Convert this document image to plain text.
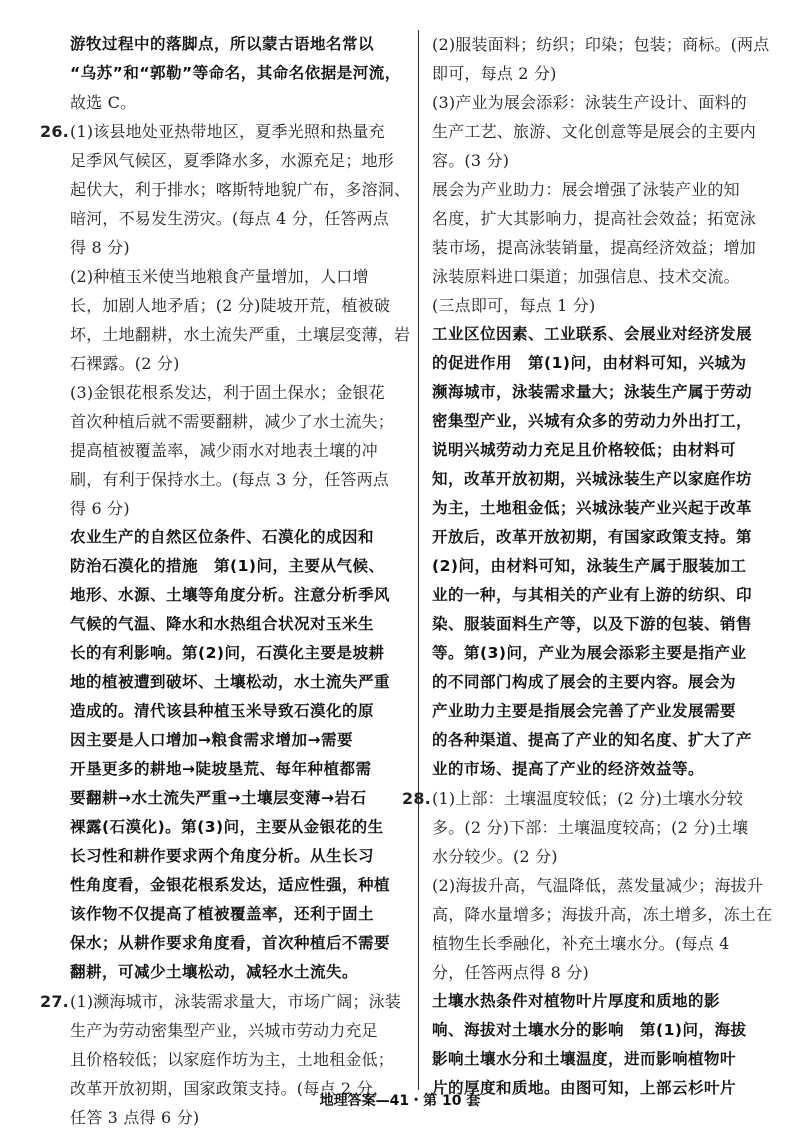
游牧过程中的落脚点，所以蒙古语地名常以
“乌苏”和“郭勒”等命名，其命名依据是河流，
故选 C。
26.(1)该县地处亚热带地区，夏季光照和热量充
足季风气候区，夏季降水多，水源充足；地形
起伏大，利于排水；喀斯特地貌广布，多溶洞、
暗河，不易发生涝灾。(每点 4 分，任答两点
得 8 分)
(2)种植玉米使当地粮食产量增加，人口增
长，加剧人地矛盾；(2 分)陡坡开荒，植被破
坏，土地翻耕，水土流失严重，土壤层变薄，岩
石裸露。(2 分)
(3)金银花根系发达，利于固土保水；金银花
首次种植后就不需要翻耕，减少了水土流失；
提高植被覆盖率，减少雨水对地表土壤的冲
刷，有利于保持水土。(每点 3 分，任答两点
得 6 分)
农业生产的自然区位条件、石漠化的成因和
防治石漠化的措施　第(1)问，主要从气候、
地形、水源、土壤等角度分析。注意分析季风
气候的气温、降水和水热组合状况对玉米生
长的有利影响。第(2)问，石漠化主要是坡耕
地的植被遭到破坏、土壤松动，水土流失严重
造成的。清代该县种植玉米导致石漠化的原
因主要是人口增加→粮食需求增加→需要
开垦更多的耕地→陡坡垦荒、每年种植都需
要翻耕→水土流失严重→土壤层变薄→岩石
裸露(石漠化)。第(3)问，主要从金银花的生
长习性和耕作要求两个角度分析。从生长习
性角度看，金银花根系发达，适应性强，种植
该作物不仅提高了植被覆盖率，还利于固土
保水；从耕作要求角度看，首次种植后不需要
翻耕，可减少土壤松动，减轻水土流失。
27.(1)濒海城市，泳装需求量大，市场广阔；泳装
生产为劳动密集型产业，兴城市劳动力充足
且价格较低；以家庭作坊为主，土地租金低；
改革开放初期，国家政策支持。(每点 2 分，
任答 3 点得 6 分)
(2)服装面料；纺织；印染；包装；商标。(两点
即可，每点 2 分)
(3)产业为展会添彩：泳装生产设计、面料的
生产工艺、旅游、文化创意等是展会的主要内
容。(3 分)
展会为产业助力：展会增强了泳装产业的知
名度，扩大其影响力，提高社会效益；拓宽泳
装市场，提高泳装销量，提高经济效益；增加
泳装原料进口渠道；加强信息、技术交流。
(三点即可，每点 1 分)
工业区位因素、工业联系、会展业对经济发展
的促进作用　第(1)问，由材料可知，兴城为
濒海城市，泳装需求量大；泳装生产属于劳动
密集型产业，兴城有众多的劳动力外出打工，
说明兴城劳动力充足且价格较低；由材料可
知，改革开放初期，兴城泳装生产以家庭作坊
为主，土地租金低；兴城泳装产业兴起于改革
开放后，改革开放初期，有国家政策支持。第
(2)问，由材料可知，泳装生产属于服装加工
业的一种，与其相关的产业有上游的纺织、印
染、服装面料生产等，以及下游的包装、销售
等。第(3)问，产业为展会添彩主要是指产业
的不同部门构成了展会的主要内容。展会为
产业助力主要是指展会完善了产业发展需要
的各种渠道、提高了产业的知名度、扩大了产
业的市场、提高了产业的经济效益等。
28.(1)上部：土壤温度较低；(2 分)土壤水分较
多。(2 分)下部：土壤温度较高；(2 分)土壤
水分较少。(2 分)
(2)海拔升高，气温降低，蒸发量减少；海拔升
高，降水量增多；海拔升高，冻土增多，冻土在
植物生长季融化，补充土壤水分。(每点 4
分，任答两点得 8 分)
土壤水热条件对植物叶片厚度和质地的影
响、海拔对土壤水分的影响　第(1)问，海拔
影响土壤水分和土壤温度，进而影响植物叶
片的厚度和质地。由图可知，上部云杉叶片
地理答案—41・第 10 套
